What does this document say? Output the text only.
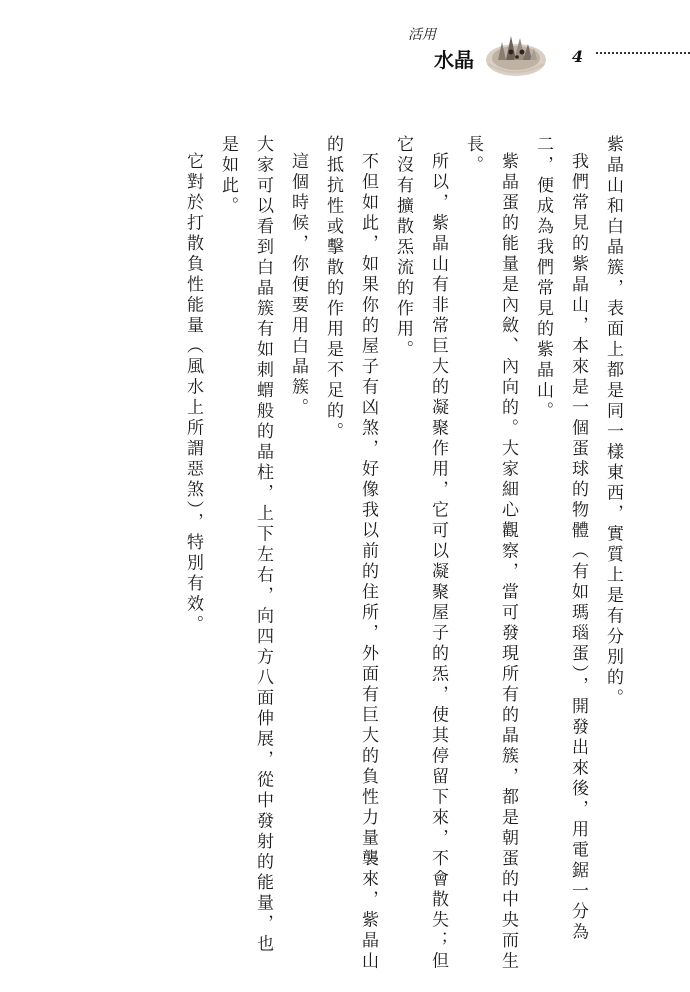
活用
水晶	4

紫晶山和白晶簇，表面上都是同一樣東西，實質上是有分別的。

我們常見的紫晶山，本來是一個蛋球的物體（有如瑪瑙蛋），開發出來後，用電鋸一分為二，便成為我們常見的紫晶山。

紫晶蛋的能量是內斂、內向的。大家細心觀察，當可發現所有的晶簇，都是朝蛋的中央而生長。

所以，紫晶山有非常巨大的凝聚作用，它可以凝聚屋子的炁，使其停留下來，不會散失；但它沒有擴散炁流的作用。

不但如此，如果你的屋子有凶煞，好像我以前的住所，外面有巨大的負性力量襲來，紫晶山的抵抗性或擊散的作用是不足的。

這個時候，你便要用白晶簇。

大家可以看到白晶簇有如刺蝟般的晶柱，上下左右，向四方八面伸展，從中發射的能量，也是如此。

它對於打散負性能量（風水上所謂惡煞），特別有效。
